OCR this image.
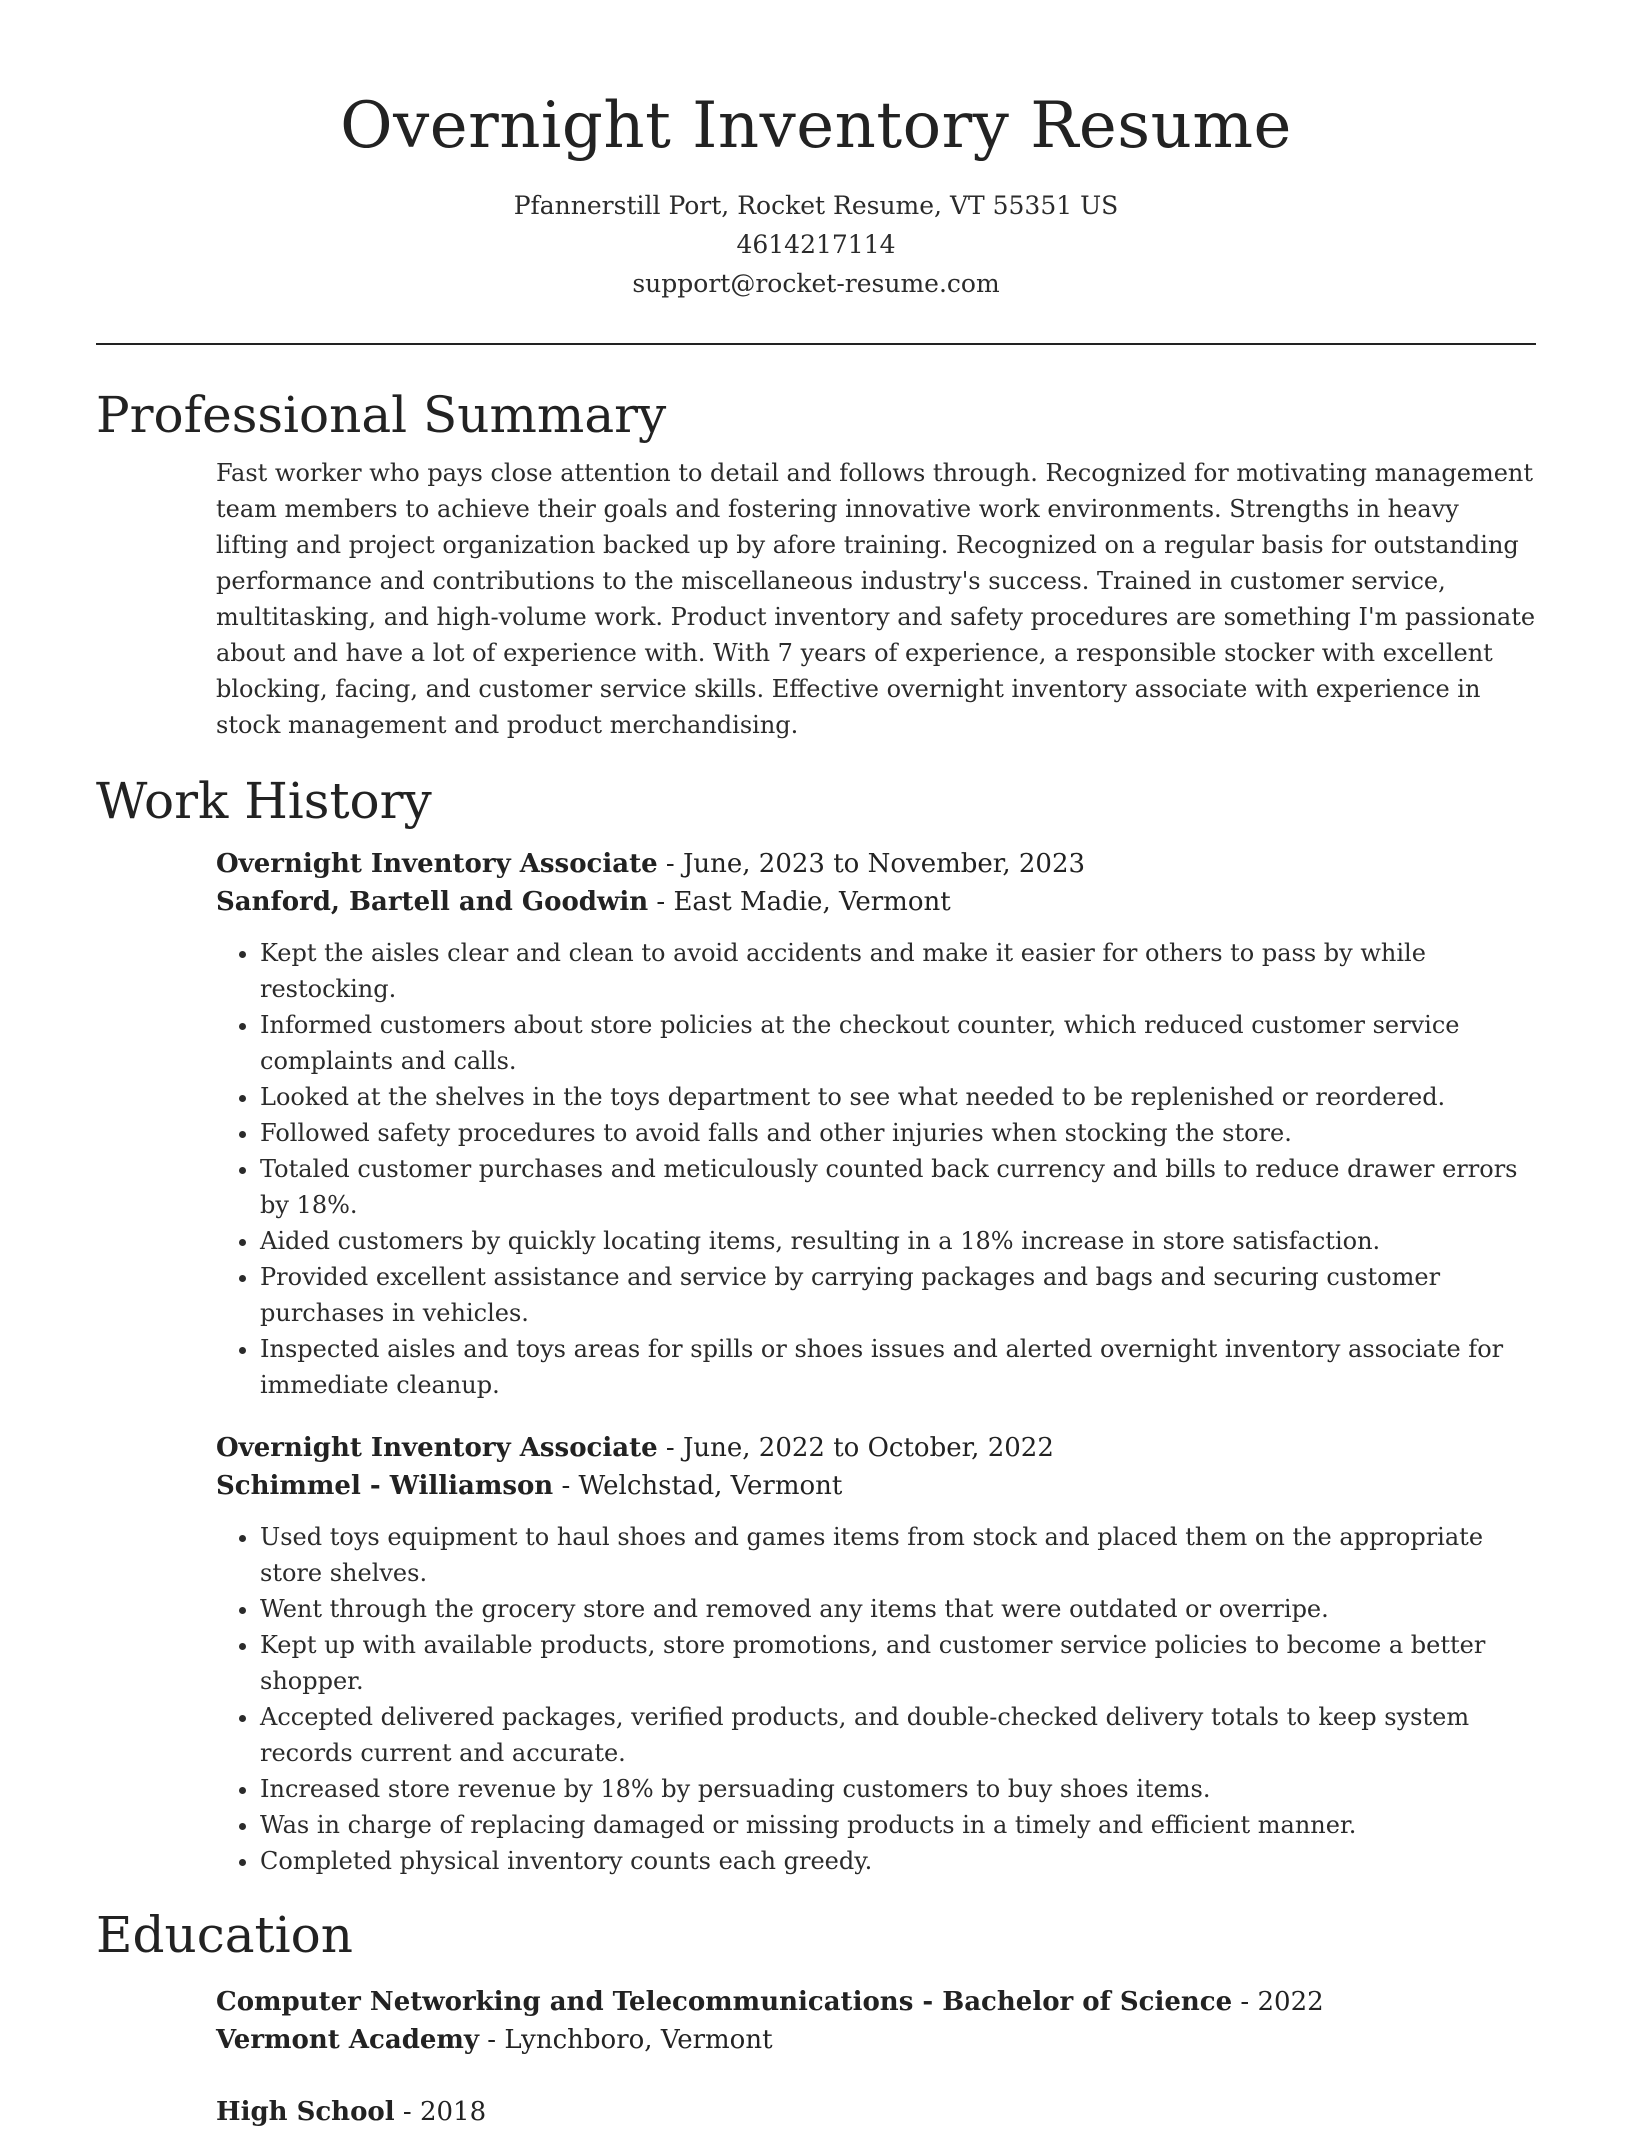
Overnight Inventory Resume
Pfannerstill Port, Rocket Resume, VT 55351 US
4614217114
support@rocket-resume.com
Professional Summary

Fast worker who pays close attention to detail and follows through. Recognized for motivating management team members to achieve their goals and fostering innovative work environments. Strengths in heavy lifting and project organization backed up by afore training. Recognized on a regular basis for outstanding performance and contributions to the miscellaneous industry's success. Trained in customer service, multitasking, and high-volume work. Product inventory and safety procedures are something I'm passionate about and have a lot of experience with. With 7 years of experience, a responsible stocker with excellent blocking, facing, and customer service skills. Effective overnight inventory associate with experience in stock management and product merchandising.

Work History
Overnight Inventory Associate - June, 2023 to November, 2023
Sanford, Bartell and Goodwin - East Madie, Vermont
• Kept the aisles clear and clean to avoid accidents and make it easier for others to pass by while restocking.
• Informed customers about store policies at the checkout counter, which reduced customer service complaints and calls.
• Looked at the shelves in the toys department to see what needed to be replenished or reordered.
• Followed safety procedures to avoid falls and other injuries when stocking the store.
• Totaled customer purchases and meticulously counted back currency and bills to reduce drawer errors by 18%.
• Aided customers by quickly locating items, resulting in a 18% increase in store satisfaction.
• Provided excellent assistance and service by carrying packages and bags and securing customer purchases in vehicles.
• Inspected aisles and toys areas for spills or shoes issues and alerted overnight inventory associate for immediate cleanup.
Overnight Inventory Associate - June, 2022 to October, 2022
Schimmel - Williamson - Welchstad, Vermont
• Used toys equipment to haul shoes and games items from stock and placed them on the appropriate store shelves.
• Went through the grocery store and removed any items that were outdated or overripe.
• Kept up with available products, store promotions, and customer service policies to become a better shopper.
• Accepted delivered packages, verified products, and double-checked delivery totals to keep system records current and accurate.
• Increased store revenue by 18% by persuading customers to buy shoes items.
• Was in charge of replacing damaged or missing products in a timely and efficient manner.
• Completed physical inventory counts each greedy.
Education
Computer Networking and Telecommunications - Bachelor of Science - 2022
Vermont Academy - Lynchboro, Vermont
High School - 2018
